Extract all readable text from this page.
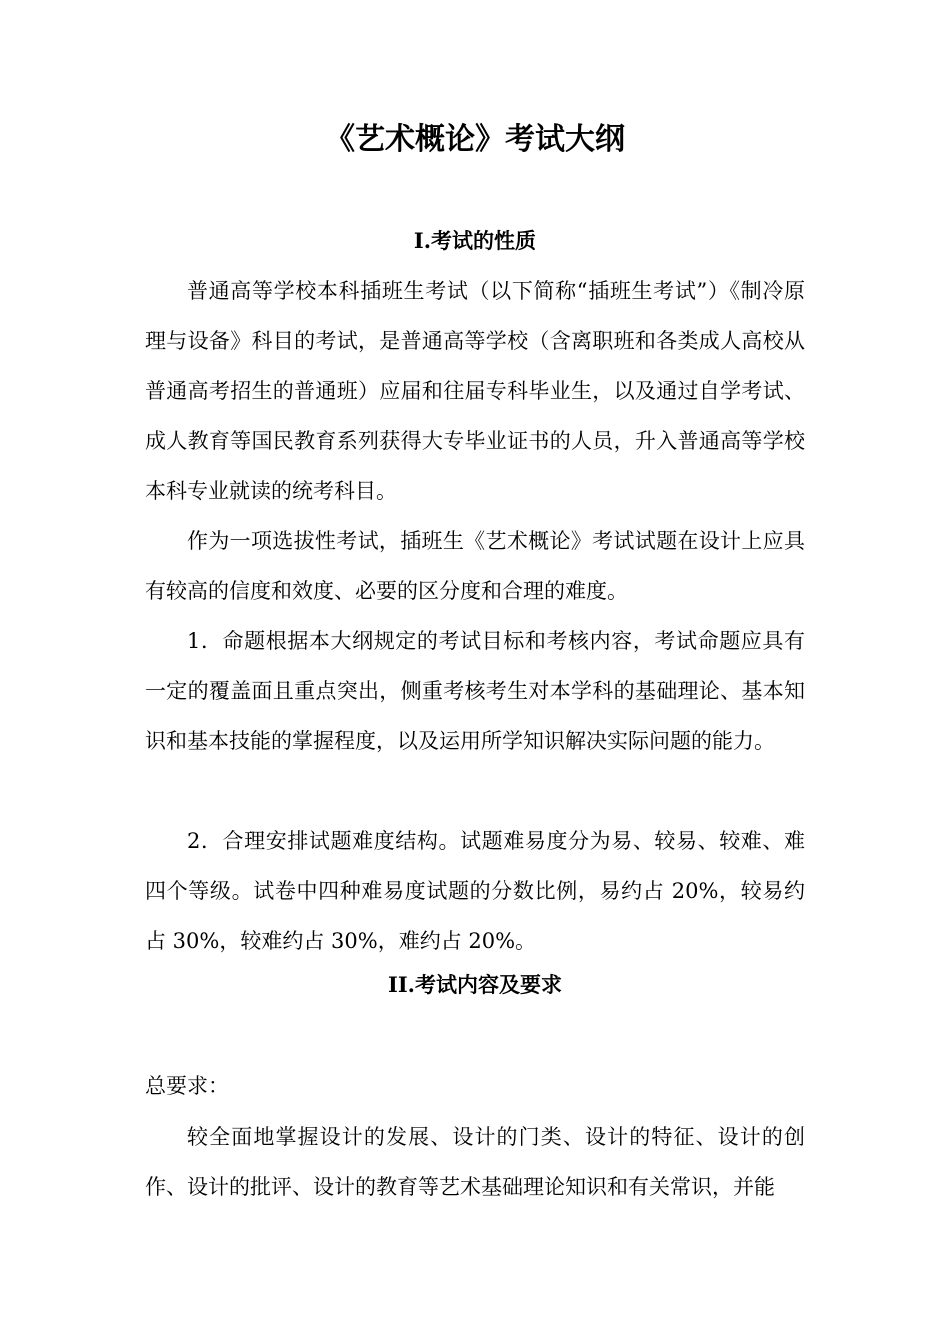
《艺术概论》考试大纲
I.考试的性质

普通高等学校本科插班生考试（以下简称“插班生考试”）《制冷原理与设备》科目的考试，是普通高等学校（含离职班和各类成人高校从普通高考招生的普通班）应届和往届专科毕业生，以及通过自学考试、成人教育等国民教育系列获得大专毕业证书的人员，升入普通高等学校本科专业就读的统考科目。

作为一项选拔性考试，插班生《艺术概论》考试试题在设计上应具有较高的信度和效度、必要的区分度和合理的难度。

1．命题根据本大纲规定的考试目标和考核内容，考试命题应具有一定的覆盖面且重点突出，侧重考核考生对本学科的基础理论、基本知识和基本技能的掌握程度，以及运用所学知识解决实际问题的能力。

2．合理安排试题难度结构。试题难易度分为易、较易、较难、难四个等级。试卷中四种难易度试题的分数比例，易约占 20%，较易约占 30%，较难约占 30%，难约占 20%。

II.考试内容及要求

总要求：

较全面地掌握设计的发展、设计的门类、设计的特征、设计的创作、设计的批评、设计的教育等艺术基础理论知识和有关常识，并能
